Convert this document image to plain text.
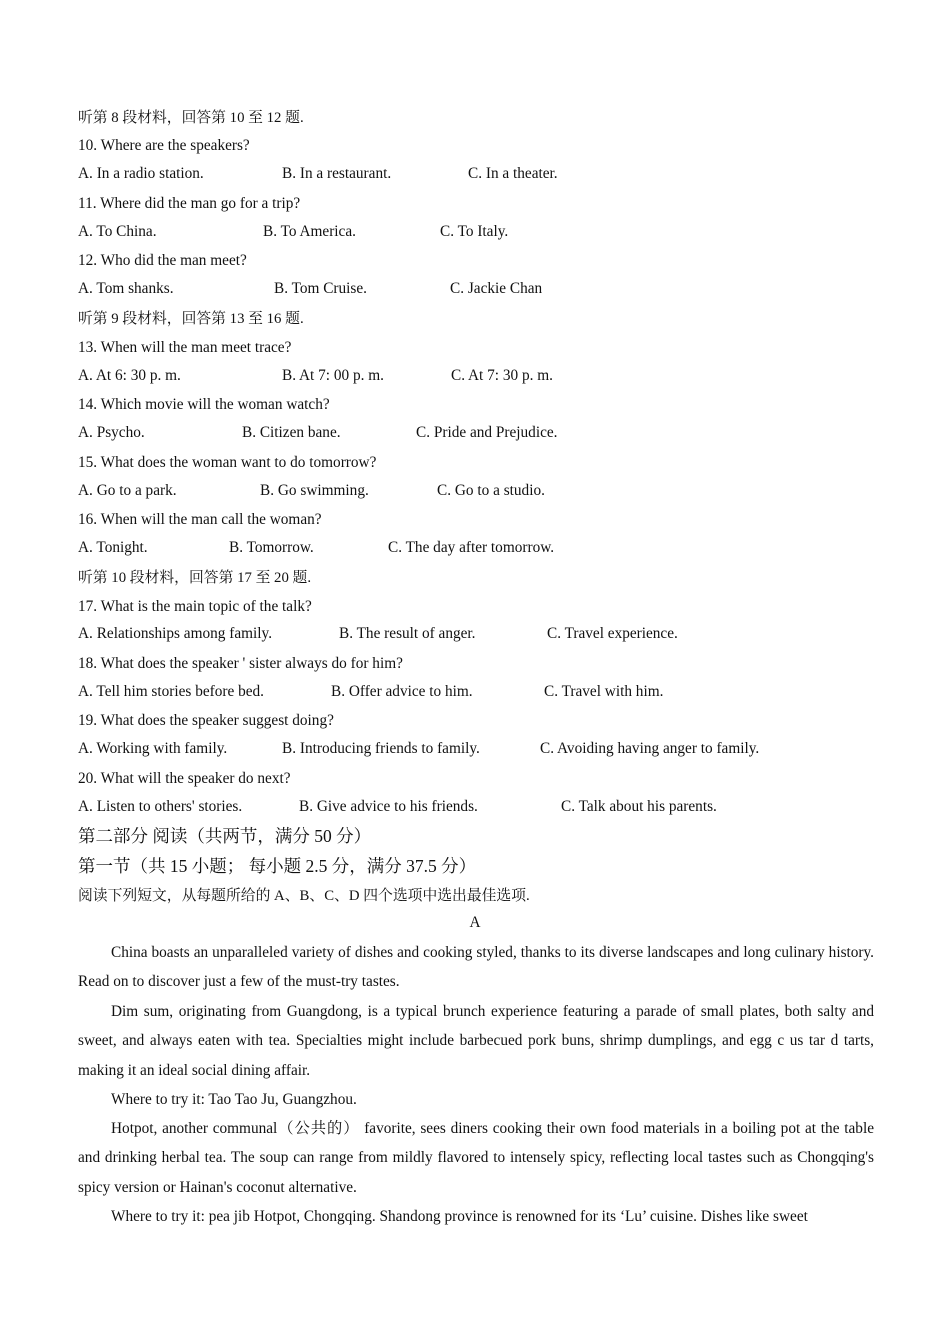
听第 8 段材料，回答第 10 至 12 题.
10. Where are the speakers?
A. In a radio station.	B. In a restaurant.	C. In a theater.
11. Where did the man go for a trip?
A. To China.	B. To America.	C. To Italy.
12. Who did the man meet?
A. Tom shanks.	B. Tom Cruise.	C. Jackie Chan
听第 9 段材料，回答第 13 至 16 题.
13. When will the man meet trace?
A. At 6: 30 p. m.	B. At 7: 00 p. m.	C. At 7: 30 p. m.
14. Which movie will the woman watch?
A. Psycho.	B. Citizen bane.	C. Pride and Prejudice.
15. What does the woman want to do tomorrow?
A. Go to a park.	B. Go swimming.	C. Go to a studio.
16. When will the man call the woman?
A. Tonight.	B. Tomorrow.	C. The day after tomorrow.
听第 10 段材料，回答第 17 至 20 题.
17. What is the main topic of the talk?
A. Relationships among family.	B. The result of anger.	C. Travel experience.
18. What does the speaker ' sister always do for him?
A. Tell him stories before bed.	B. Offer advice to him.	C. Travel with him.
19. What does the speaker suggest doing?
A. Working with family.	B. Introducing friends to family.	C. Avoiding having anger to family.
20. What will the speaker do next?
A. Listen to others' stories.	B. Give advice to his friends.	C. Talk about his parents.
第二部分 阅读（共两节，满分 50 分）
第一节（共 15 小题； 每小题 2.5 分，满分 37.5 分）
阅读下列短文，从每题所给的 A、B、C、D 四个选项中选出最佳选项.
A

China boasts an unparalleled variety of dishes and cooking styled, thanks to its diverse landscapes and long culinary history. Read on to discover just a few of the must-try tastes.

Dim sum, originating from Guangdong, is a typical brunch experience featuring a parade of small plates, both salty and sweet, and always eaten with tea. Specialties might include barbecued pork buns, shrimp dumplings, and egg c us tar d tarts, making it an ideal social dining affair.

Where to try it: Tao Tao Ju, Guangzhou.

Hotpot, another communal（公共的） favorite, sees diners cooking their own food materials in a boiling pot at the table and drinking herbal tea. The soup can range from mildly flavored to intensely spicy, reflecting local tastes such as Chongqing's spicy version or Hainan's coconut alternative.

Where to try it: pea jib Hotpot, Chongqing. Shandong province is renowned for its ‘Lu’ cuisine. Dishes like sweet
